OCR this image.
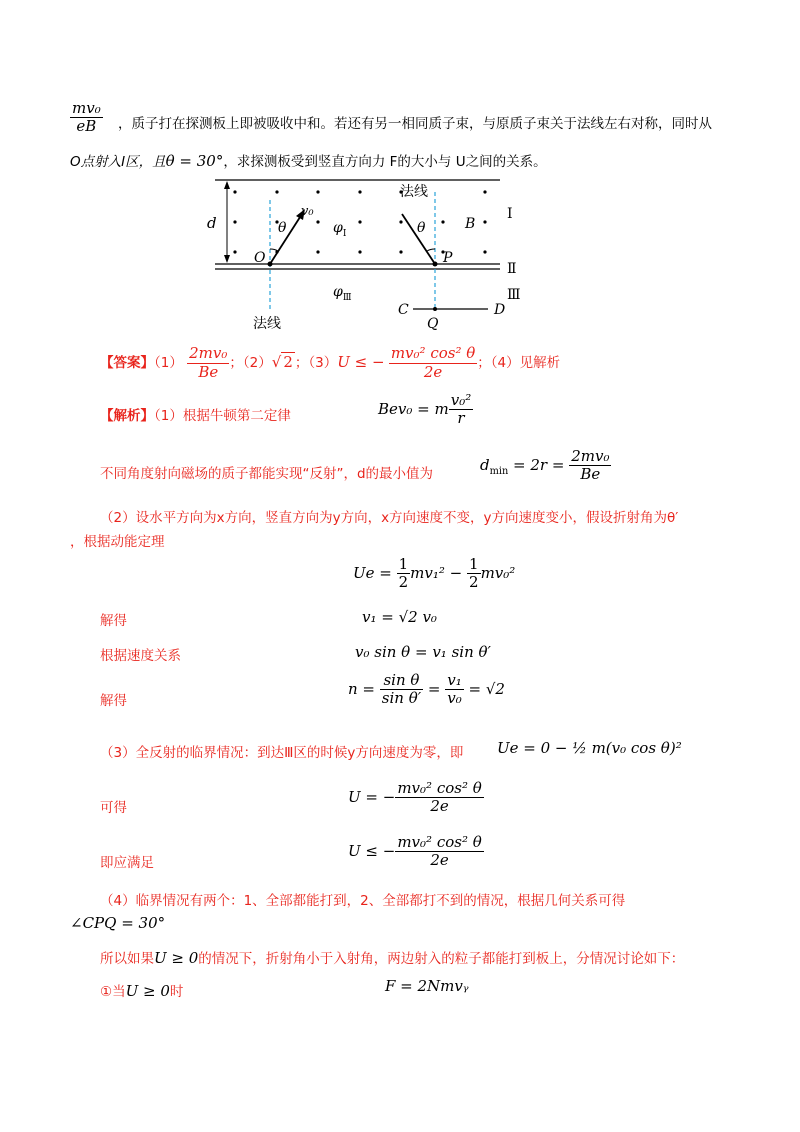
$\frac{\text{mv₀}}{eB}$ ，质子打在探测板上即被吸收中和。若还有另一相同质子束，与原质子束关于法线左右对称，同时从
O点射入Ⅰ区，且θ = 30°，求探测板受到竖直方向力 F的大小与 U之间的关系。
法线
d
v₀
θ	$\varphi_Ⅰ$	θ	B
Ⅰ
O	P
Ⅱ
$\varphi_Ⅲ$	Ⅲ
C	D
Q
法线
【答案】$(1) \frac{\text{2mv₀}}{Be}$ ；（2）√ 2 ；（3）U ≤ − $\frac{\text{mv₀² cos² θ}}{2e}$ ；（4）见解析
【解析】（1）根据牛顿第二定律	Bev₀ = m $\frac{\text{v₀²}}{r}$
不同角度射向磁场的质子都能实现“反射”，d的最小值为
$d_{min} = 2r = \frac{\text{2mv₀}}{Be}$
（2）设水平方向为x方向，竖直方向为y方向，x方向速度不变，y方向速度变小，假设折射角为θ′
，根据动能定理
$Ue = \frac{1}{2} mv_1^2 - \frac{1}{2} mv_0^2$
解得	v₁ = √2 v₀
根据速度关系	v₀ sin θ = v₁ sin θ′
解得
$n = \frac{\text{sin θ}}{\text{sin θ′}} = \frac{\text{v₁}}{\text{v₀}} = √2$
（3）全反射的临界情况：到达Ⅲ区的时候y方向速度为零，即 Ue = 0 − ½ m(v₀ cos θ)²
可得
U = − $\frac{\text{mv₀² cos² θ}}{2e}$
即应满足
U ≤ − $\frac{\text{mv₀² cos² θ}}{2e}$
（4）临界情况有两个：1、全部都能打到，2、全部都打不到的情况，根据几何关系可得
∠CPQ = 30°
所以如果U ≥ 0的情况下，折射角小于入射角，两边射入的粒子都能打到板上，分情况讨论如下：
①当U ≥ 0时	F = 2Nmvᵧ
